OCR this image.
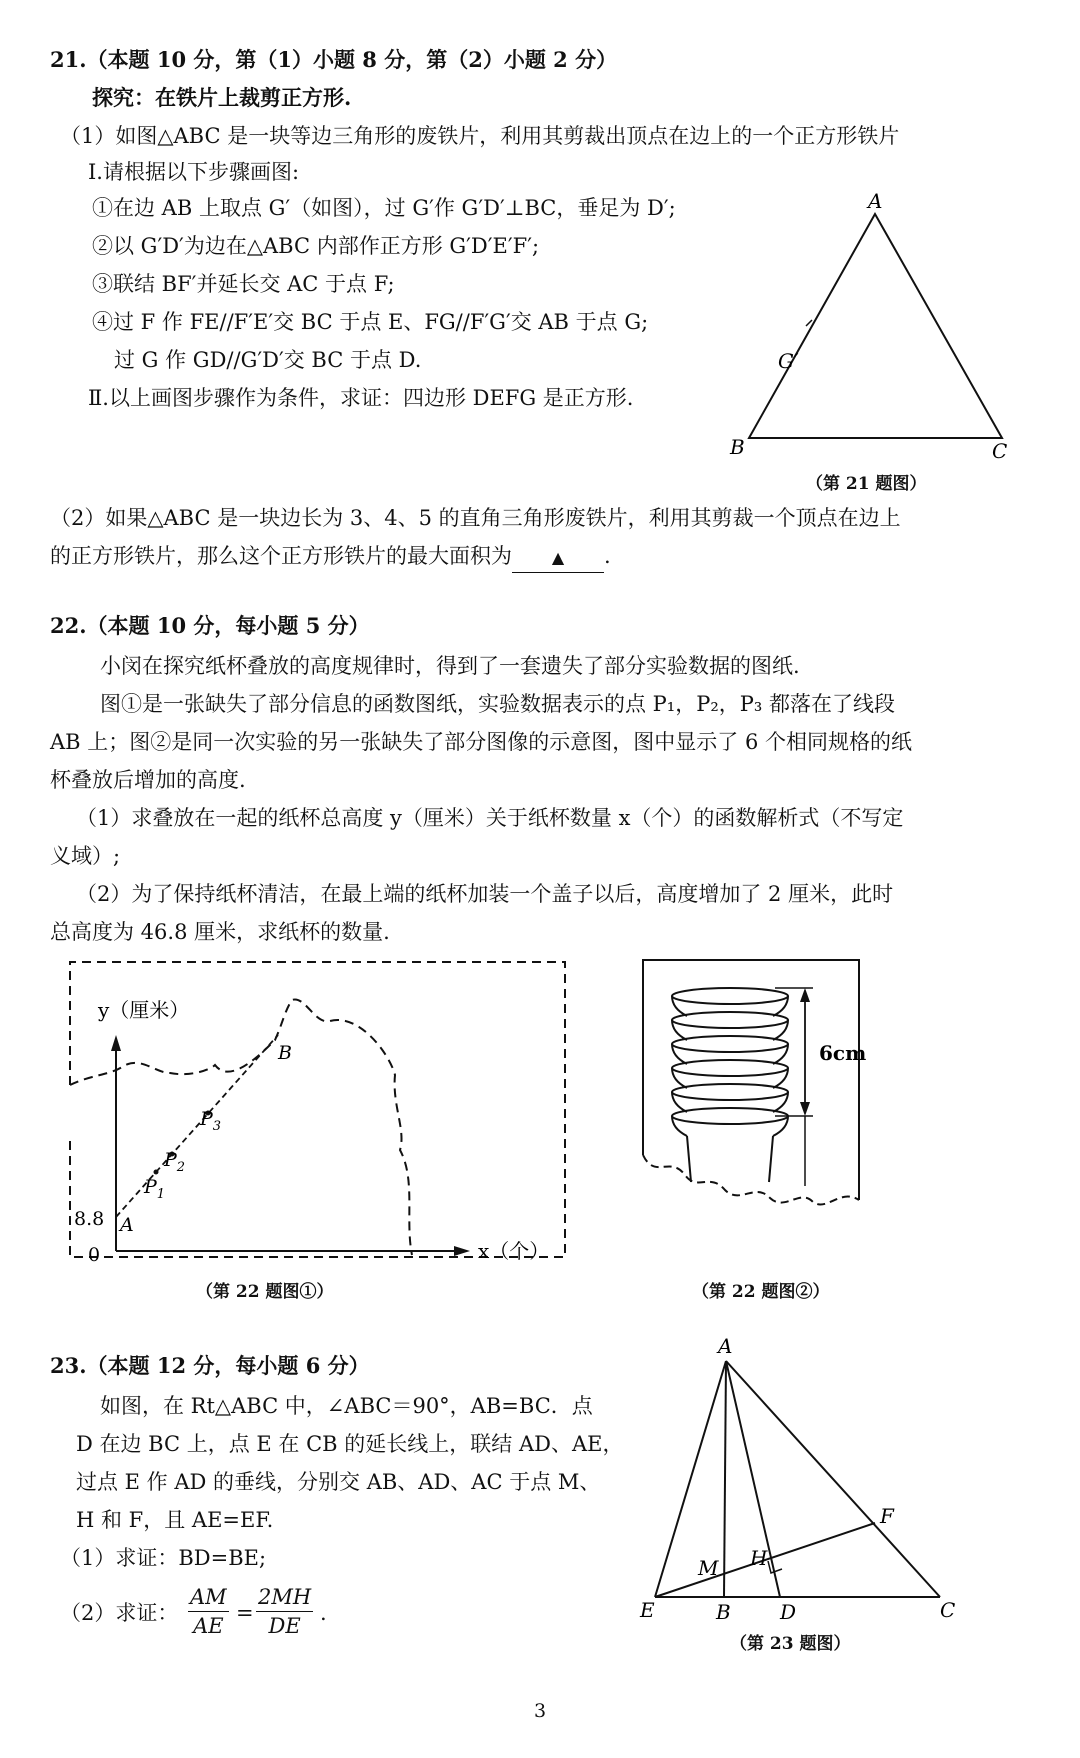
21.（本题 10 分，第（1）小题 8 分，第（2）小题 2 分）
探究：在铁片上裁剪正方形.
（1）如图△ABC 是一块等边三角形的废铁片，利用其剪裁出顶点在边上的一个正方形铁片
Ⅰ.请根据以下步骤画图:
①在边 AB 上取点 G′（如图），过 G′作 G′D′⊥BC，垂足为 D′;
②以 G′D′为边在△ABC 内部作正方形 G′D′E′F′;
③联结 BF′并延长交 AC 于点 F;
④过 F 作 FE//F′E′交 BC 于点 E、FG//F′G′交 AB 于点 G;
过 G 作 GD//G′D′交 BC 于点 D.
Ⅱ.以上画图步骤作为条件，求证：四边形 DEFG 是正方形.
A
B	C
G′
（第 21 题图）
（2）如果△ABC 是一块边长为 3、4、5 的直角三角形废铁片，利用其剪裁一个顶点在边上
的正方形铁片，那么这个正方形铁片的最大面积为 ▲ .
22.（本题 10 分，每小题 5 分）
小闵在探究纸杯叠放的高度规律时，得到了一套遗失了部分实验数据的图纸.
图①是一张缺失了部分信息的函数图纸，实验数据表示的点 P₁，P₂，P₃ 都落在了线段
AB 上；图②是同一次实验的另一张缺失了部分图像的示意图，图中显示了 6 个相同规格的纸
杯叠放后增加的高度.
（1）求叠放在一起的纸杯总高度 y（厘米）关于纸杯数量 x（个）的函数解析式（不写定
义域）;
（2）为了保持纸杯清洁，在最上端的纸杯加装一个盖子以后，高度增加了 2 厘米，此时
总高度为 46.8 厘米，求纸杯的数量.
y（厘米）
x（个）
8.8
0
A
B
$P_1$
$P_2$
$P_3$
（第 22 题图①）
6cm
（第 22 题图②）
23.（本题 12 分，每小题 6 分）
如图，在 Rt△ABC 中，∠ABC＝90°，AB=BC．点
D 在边 BC 上，点 E 在 CB 的延长线上，联结 AD、AE，
过点 E 作 AD 的垂线，分别交 AB、AD、AC 于点 M、
H 和 F，且 AE=EF.
（1）求证：BD=BE;
（2）求证： $\frac{AM}{AE} = \frac{2MH}{DE}$ .
A
E	B D	C
F
H
M
（第 23 题图）
3
